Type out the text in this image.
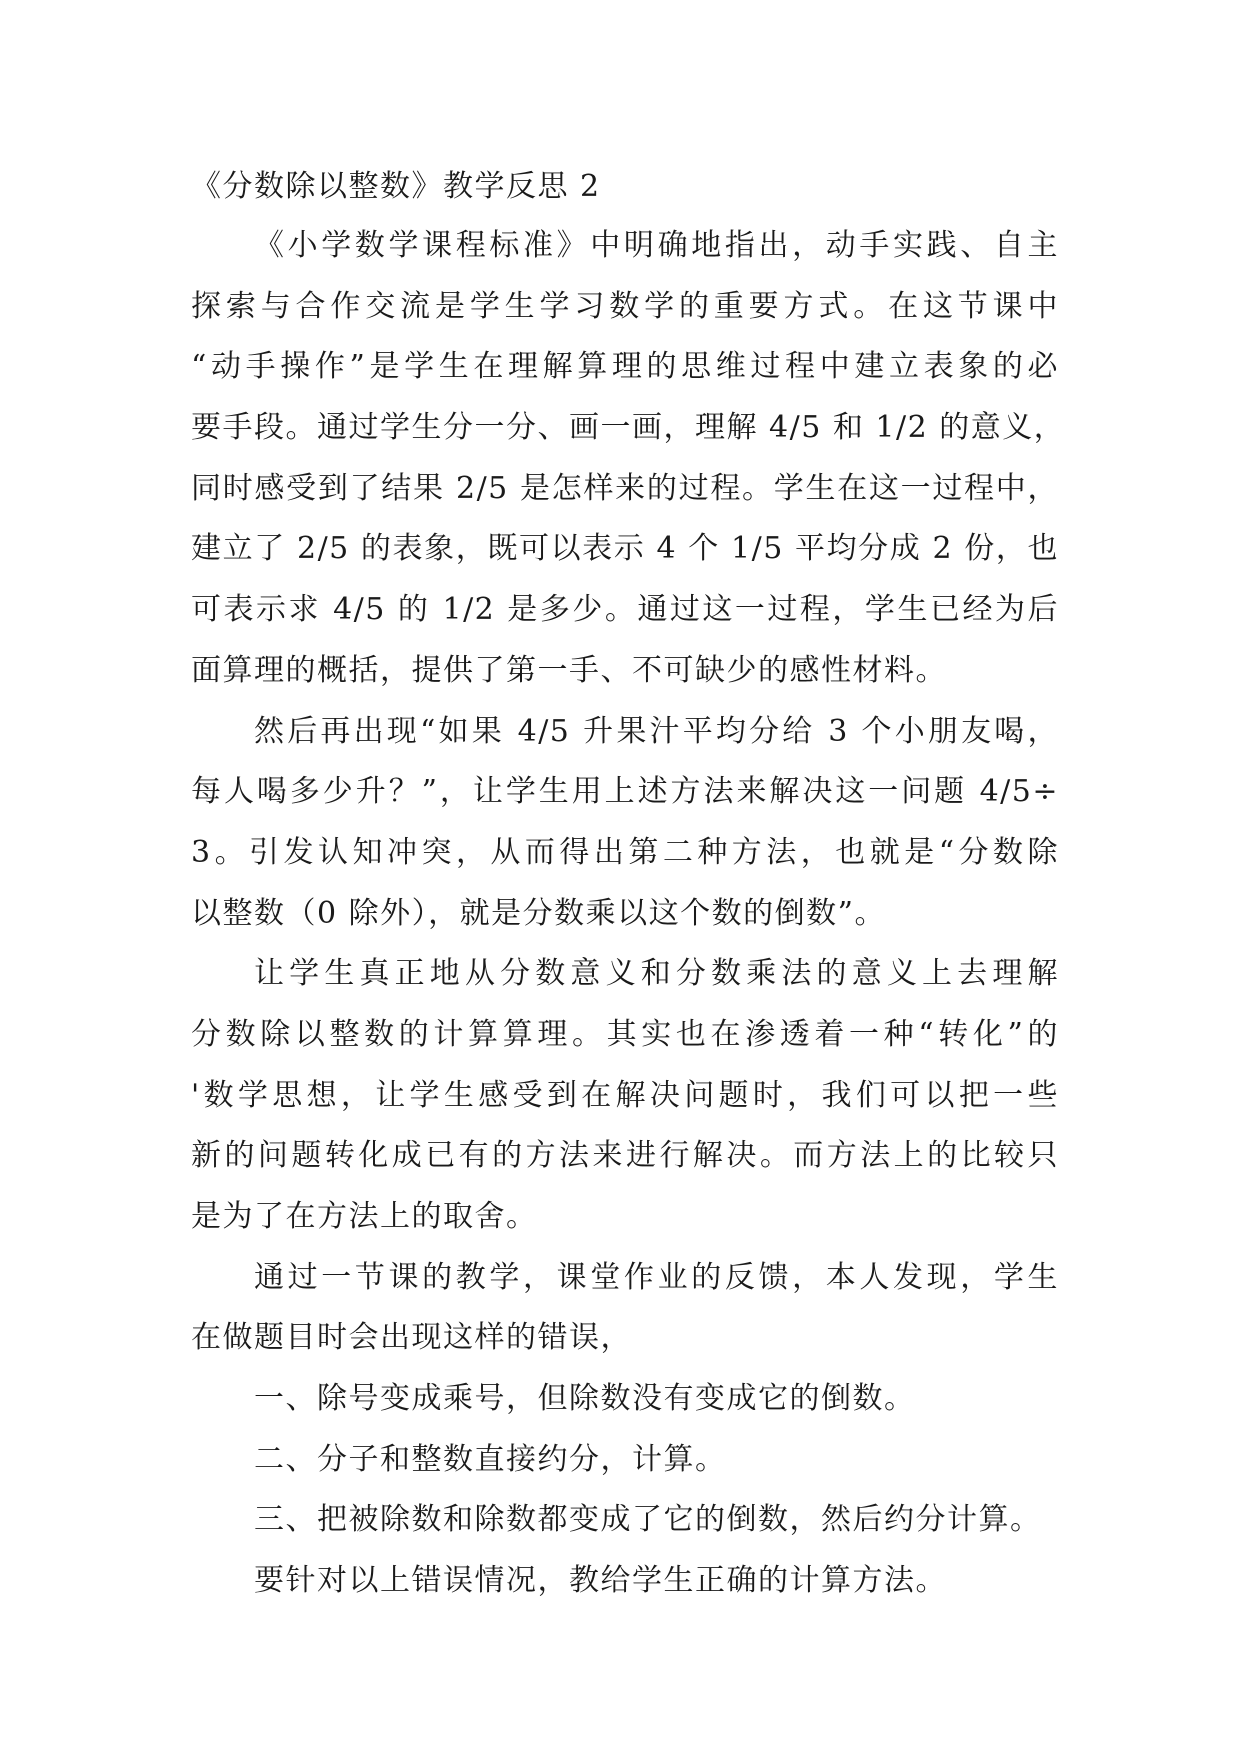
《分数除以整数》教学反思 2
《小学数学课程标准》中明确地指出，动手实践、自主
探索与合作交流是学生学习数学的重要方式。在这节课中
“动手操作”是学生在理解算理的思维过程中建立表象的必
要手段。通过学生分一分、画一画，理解 4/5 和 1/2 的意义，
同时感受到了结果 2/5 是怎样来的过程。学生在这一过程中，
建立了 2/5 的表象，既可以表示 4 个 1/5 平均分成 2 份，也
可表示求 4/5 的 1/2 是多少。通过这一过程，学生已经为后
面算理的概括，提供了第一手、不可缺少的感性材料。
然后再出现“如果 4/5 升果汁平均分给 3 个小朋友喝，
每人喝多少升？”，让学生用上述方法来解决这一问题 4/5÷
3。引发认知冲突，从而得出第二种方法，也就是“分数除
以整数（0 除外），就是分数乘以这个数的倒数”。
让学生真正地从分数意义和分数乘法的意义上去理解
分数除以整数的计算算理。其实也在渗透着一种“转化”的
'数学思想，让学生感受到在解决问题时，我们可以把一些
新的问题转化成已有的方法来进行解决。而方法上的比较只
是为了在方法上的取舍。
通过一节课的教学，课堂作业的反馈，本人发现，学生
在做题目时会出现这样的错误，
一、除号变成乘号，但除数没有变成它的倒数。
二、分子和整数直接约分，计算。
三、把被除数和除数都变成了它的倒数，然后约分计算。
要针对以上错误情况，教给学生正确的计算方法。
